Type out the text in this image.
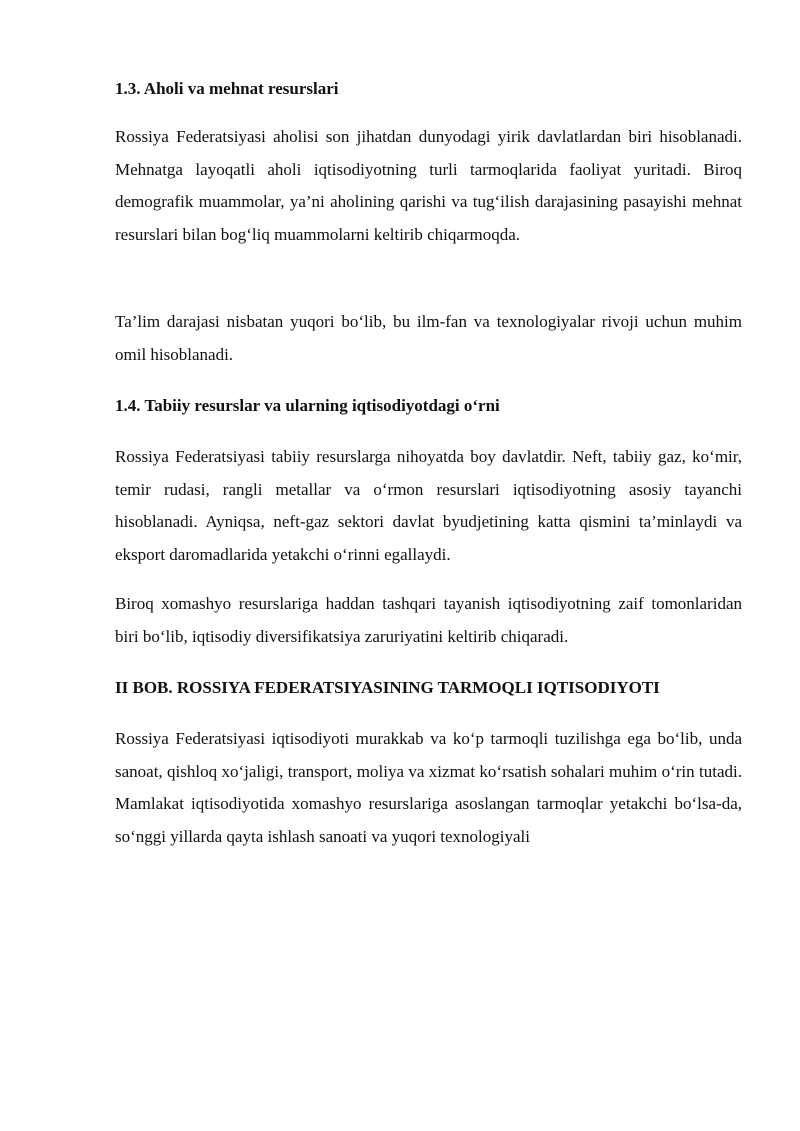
1.3. Aholi va mehnat resurslari

Rossiya Federatsiyasi aholisi son jihatdan dunyodagi yirik davlatlardan biri hisoblanadi. Mehnatga layoqatli aholi iqtisodiyotning turli tarmoqlarida faoliyat yuritadi. Biroq demografik muammolar, ya’ni aholining qarishi va tug‘ilish darajasining pasayishi mehnat resurslari bilan bog‘liq muammolarni keltirib chiqarmoqda.

Ta’lim darajasi nisbatan yuqori bo‘lib, bu ilm-fan va texnologiyalar rivoji uchun muhim omil hisoblanadi.

1.4. Tabiiy resurslar va ularning iqtisodiyotdagi o‘rni

Rossiya Federatsiyasi tabiiy resurslarga nihoyatda boy davlatdir. Neft, tabiiy gaz, ko‘mir, temir rudasi, rangli metallar va o‘rmon resurslari iqtisodiyotning asosiy tayanchi hisoblanadi. Ayniqsa, neft-gaz sektori davlat byudjetining katta qismini ta’minlaydi va eksport daromadlarida yetakchi o‘rinni egallaydi.

Biroq xomashyo resurslariga haddan tashqari tayanish iqtisodiyotning zaif tomonlaridan biri bo‘lib, iqtisodiy diversifikatsiya zaruriyatini keltirib chiqaradi.

II BOB. ROSSIYA FEDERATSIYASINING TARMOQLI IQTISODIYOTI

Rossiya Federatsiyasi iqtisodiyoti murakkab va ko‘p tarmoqli tuzilishga ega bo‘lib, unda sanoat, qishloq xo‘jaligi, transport, moliya va xizmat ko‘rsatish sohalari muhim o‘rin tutadi. Mamlakat iqtisodiyotida xomashyo resurslariga asoslangan tarmoqlar yetakchi bo‘lsa-da, so‘nggi yillarda qayta ishlash sanoati va yuqori texnologiyali
